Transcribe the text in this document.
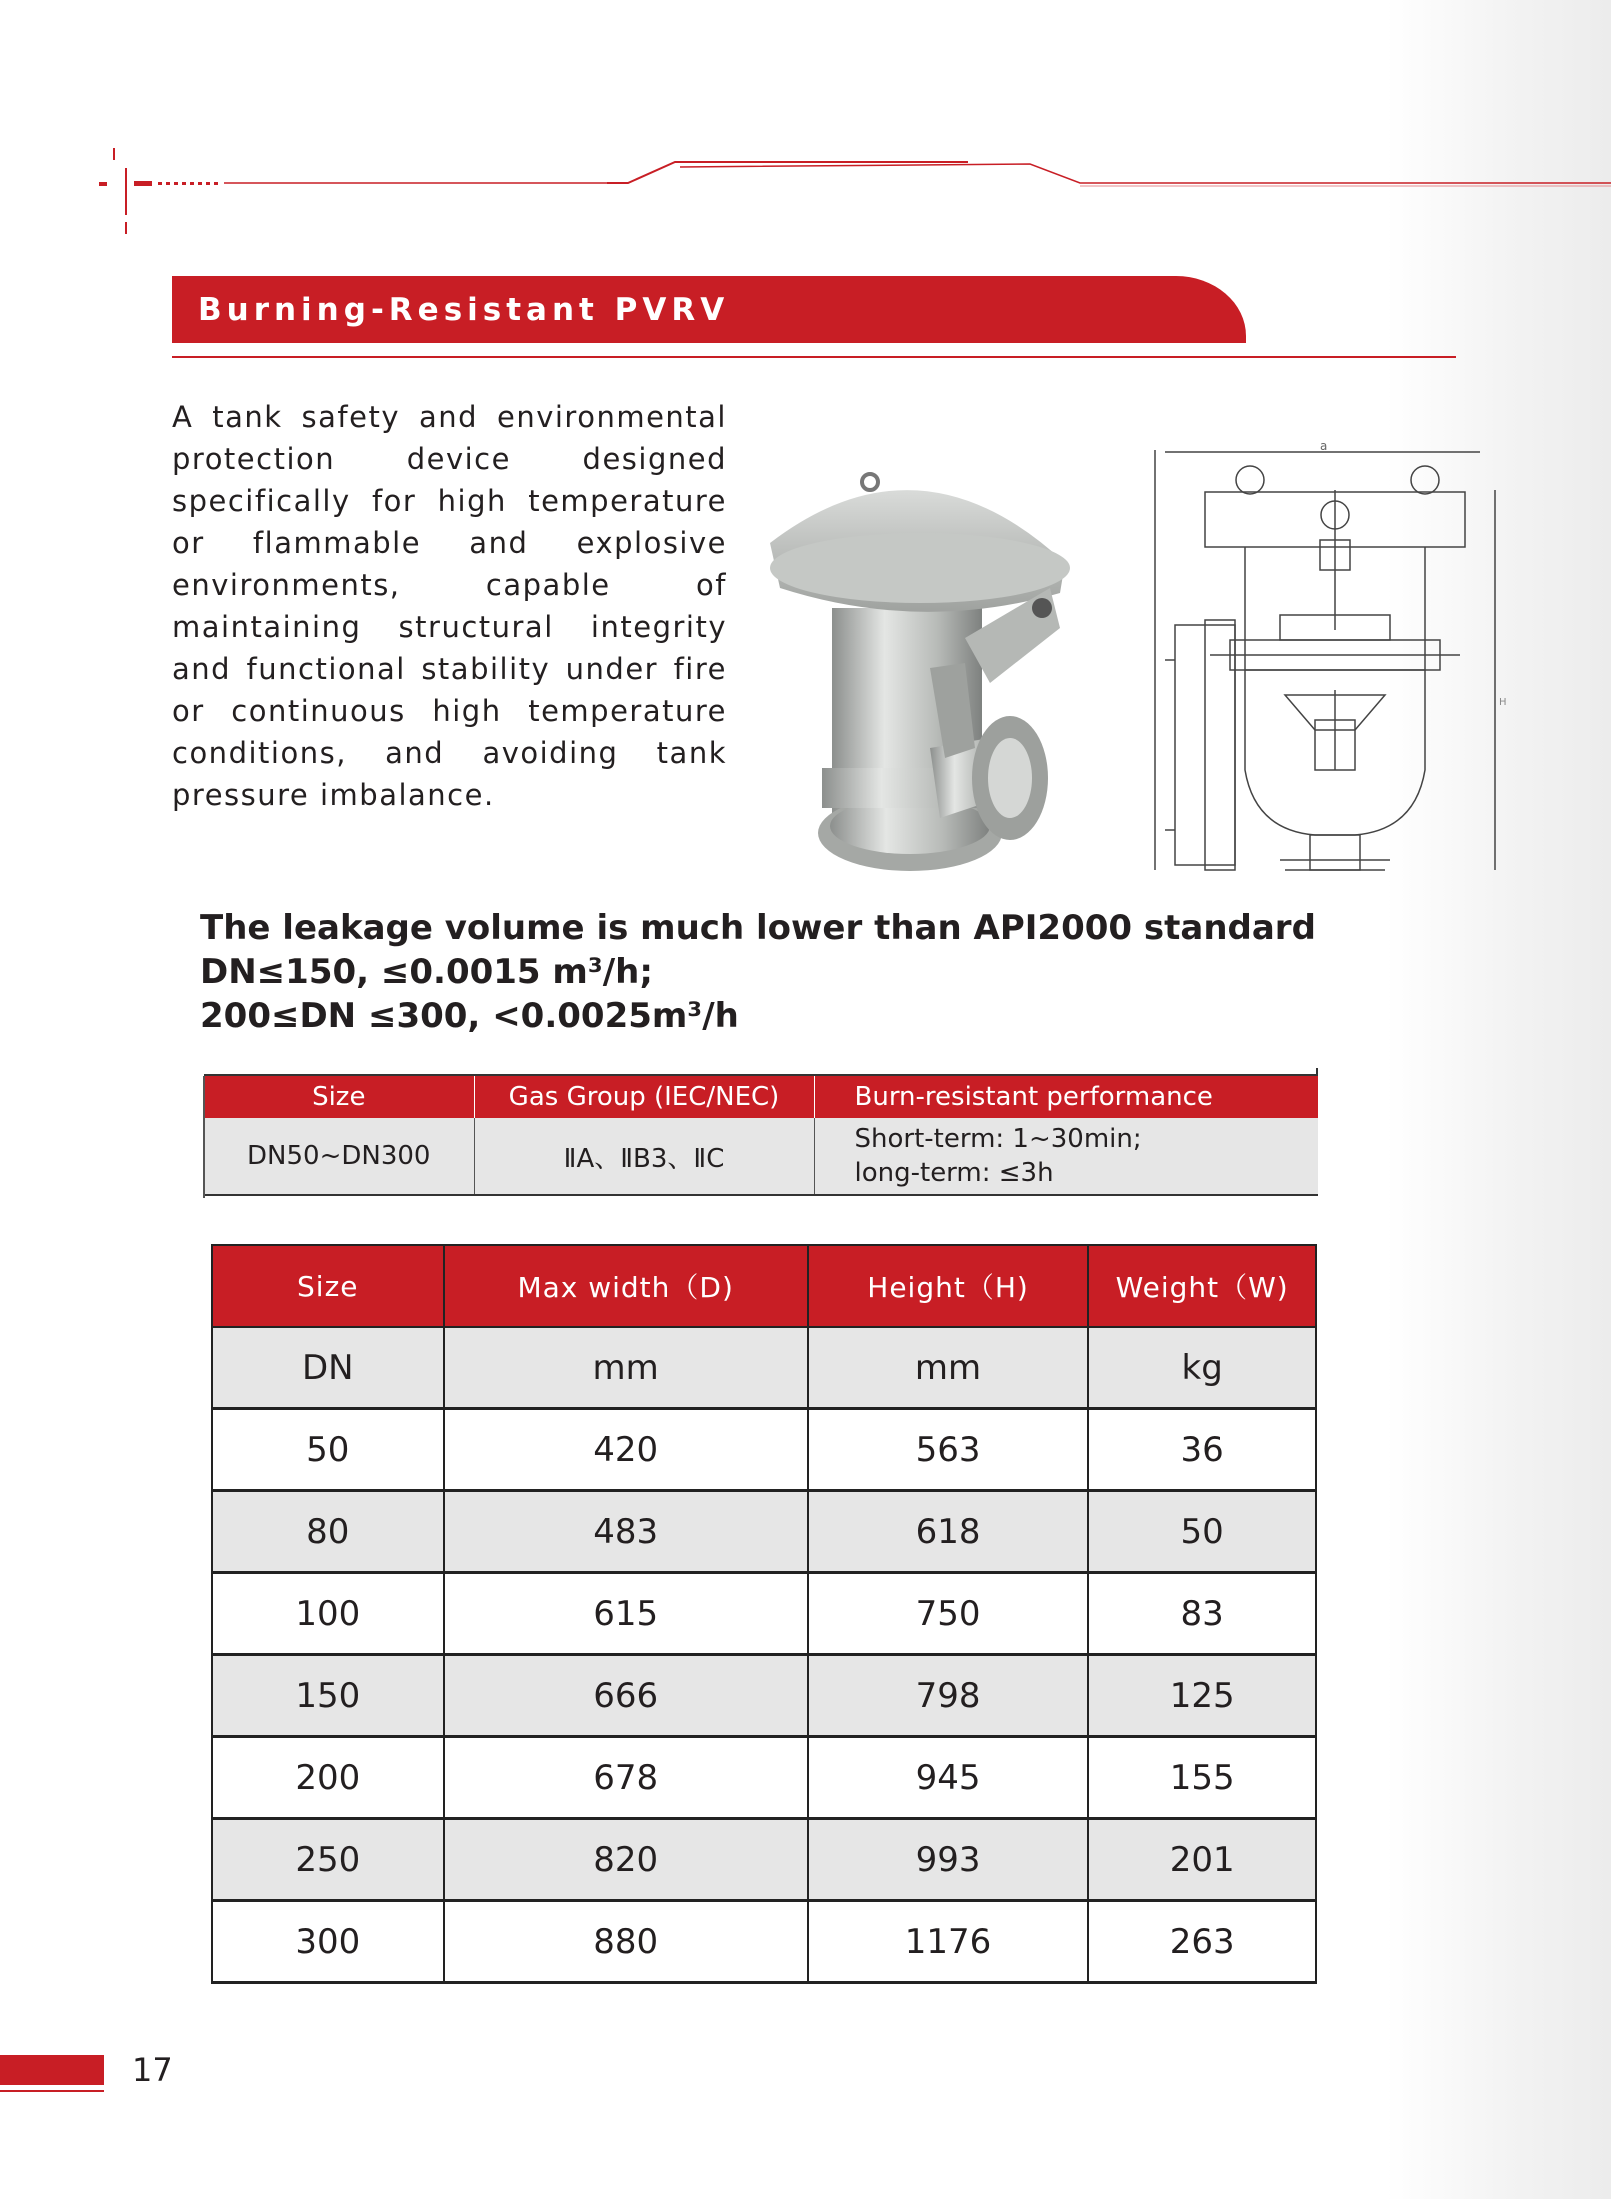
Burning-Resistant PVRV

A tank safety and environmental protection device designed specifically for high temperature or flammable and explosive environments, capable of maintaining structural integrity and functional stability under fire or continuous high temperature conditions, and avoiding tank pressure imbalance.

a
H
The leakage volume is much lower than API2000 standard
DN≤150, ≤0.0015 m³/h;
200≤DN ≤300, <0.0025m³/h
Size	Gas Group (IEC/NEC)	Burn-resistant performance
DN50~DN300	ⅡA、ⅡB3、ⅡC	Short-term: 1~30min;
long-term: ≤3h
Size	Max width（D)	Height（H)	Weight（W)
DN	mm	mm	kg
50	420	563	36
80	483	618	50
100	615	750	83
150	666	798	125
200	678	945	155
250	820	993	201
300	880	1176	263
17
